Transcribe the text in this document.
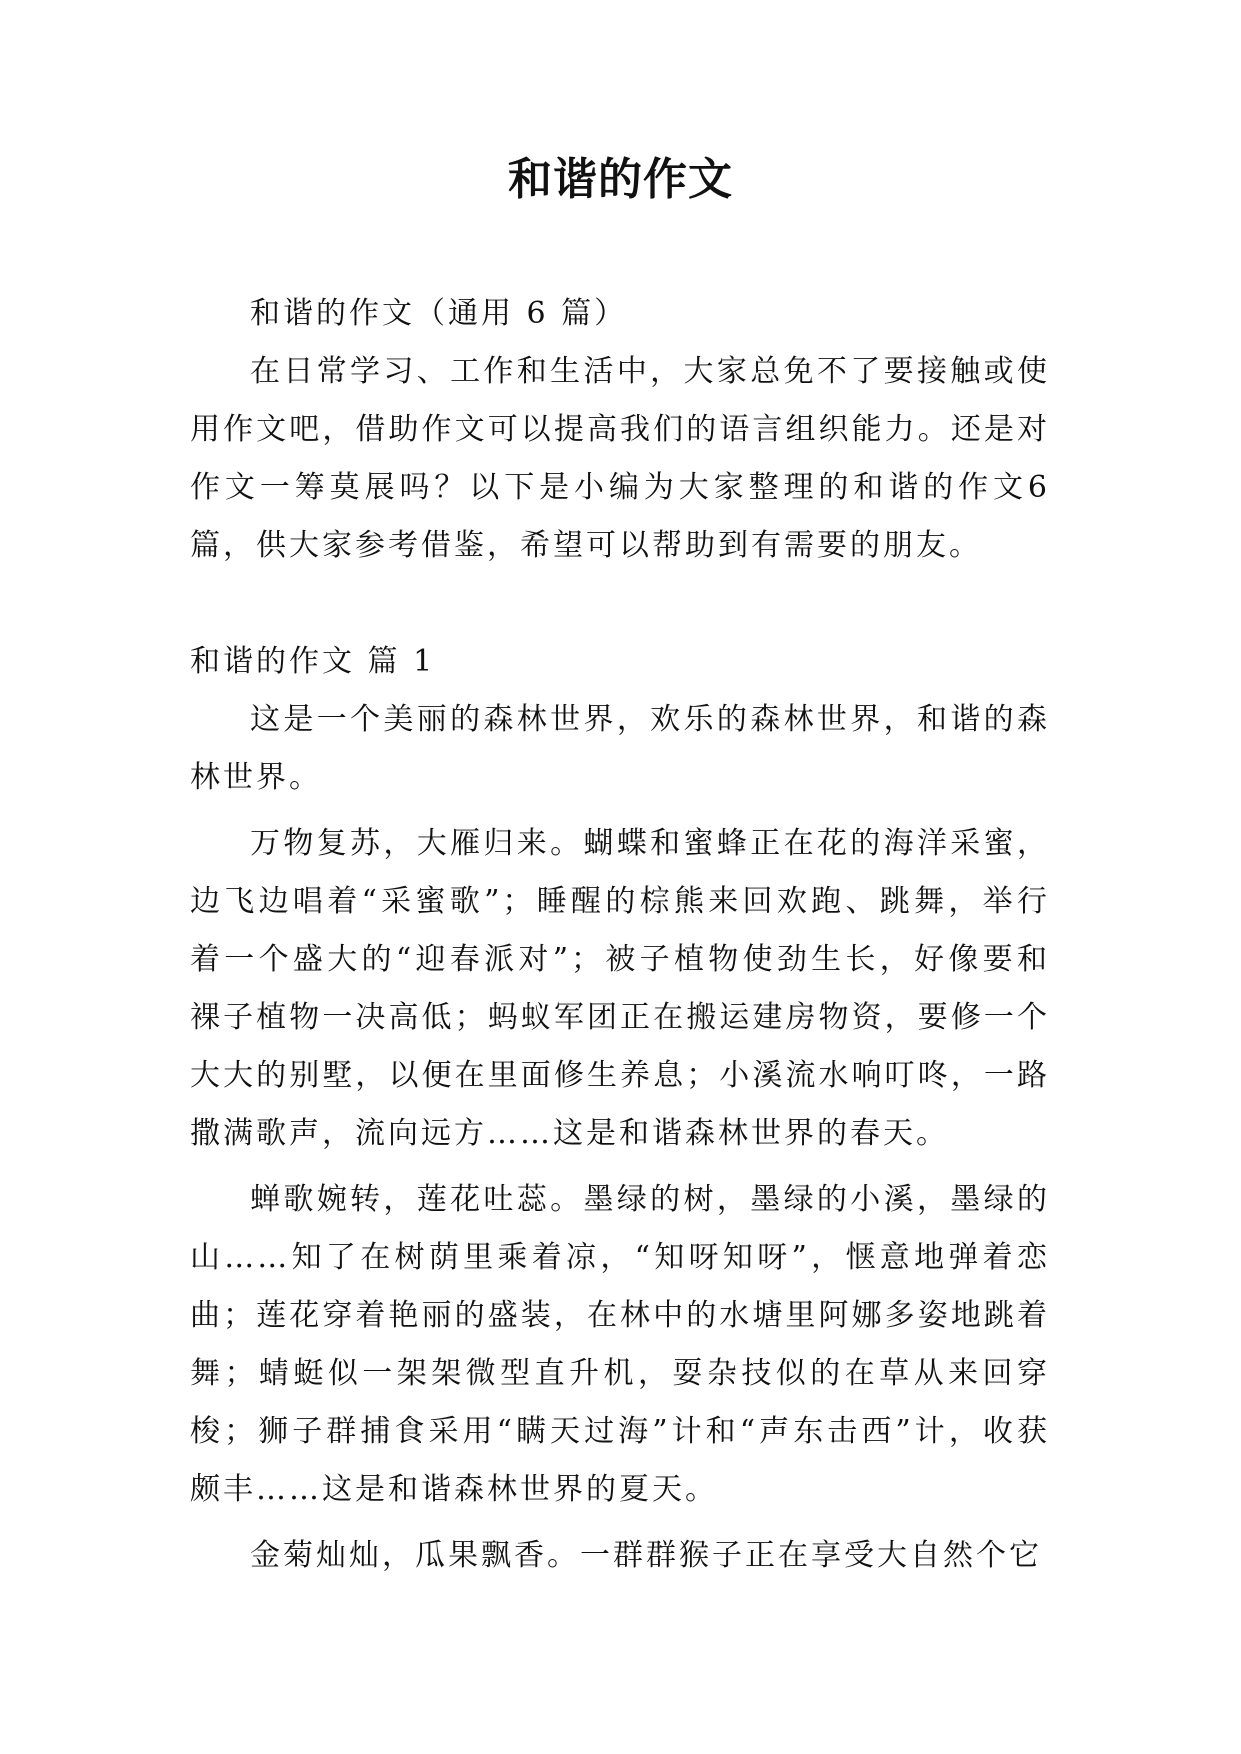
和谐的作文

和谐的作文（通用 6 篇）

在日常学习、工作和生活中，大家总免不了要接触或使用作文吧，借助作文可以提高我们的语言组织能力。还是对作文一筹莫展吗？以下是小编为大家整理的和谐的作文6篇，供大家参考借鉴，希望可以帮助到有需要的朋友。

和谐的作文 篇 1

这是一个美丽的森林世界，欢乐的森林世界，和谐的森林世界。

万物复苏，大雁归来。蝴蝶和蜜蜂正在花的海洋采蜜，边飞边唱着“采蜜歌”；睡醒的棕熊来回欢跑、跳舞，举行着一个盛大的“迎春派对”；被子植物使劲生长，好像要和裸子植物一决高低；蚂蚁军团正在搬运建房物资，要修一个大大的别墅，以便在里面修生养息；小溪流水响叮咚，一路撒满歌声，流向远方……这是和谐森林世界的春天。

蝉歌婉转，莲花吐蕊。墨绿的树，墨绿的小溪，墨绿的山……知了在树荫里乘着凉，“知呀知呀”，惬意地弹着恋曲；莲花穿着艳丽的盛装，在林中的水塘里阿娜多姿地跳着舞；蜻蜓似一架架微型直升机，耍杂技似的在草从来回穿梭；狮子群捕食采用“瞒天过海”计和“声东击西”计，收获颇丰……这是和谐森林世界的夏天。

金菊灿灿，瓜果飘香。一群群猴子正在享受大自然个它
